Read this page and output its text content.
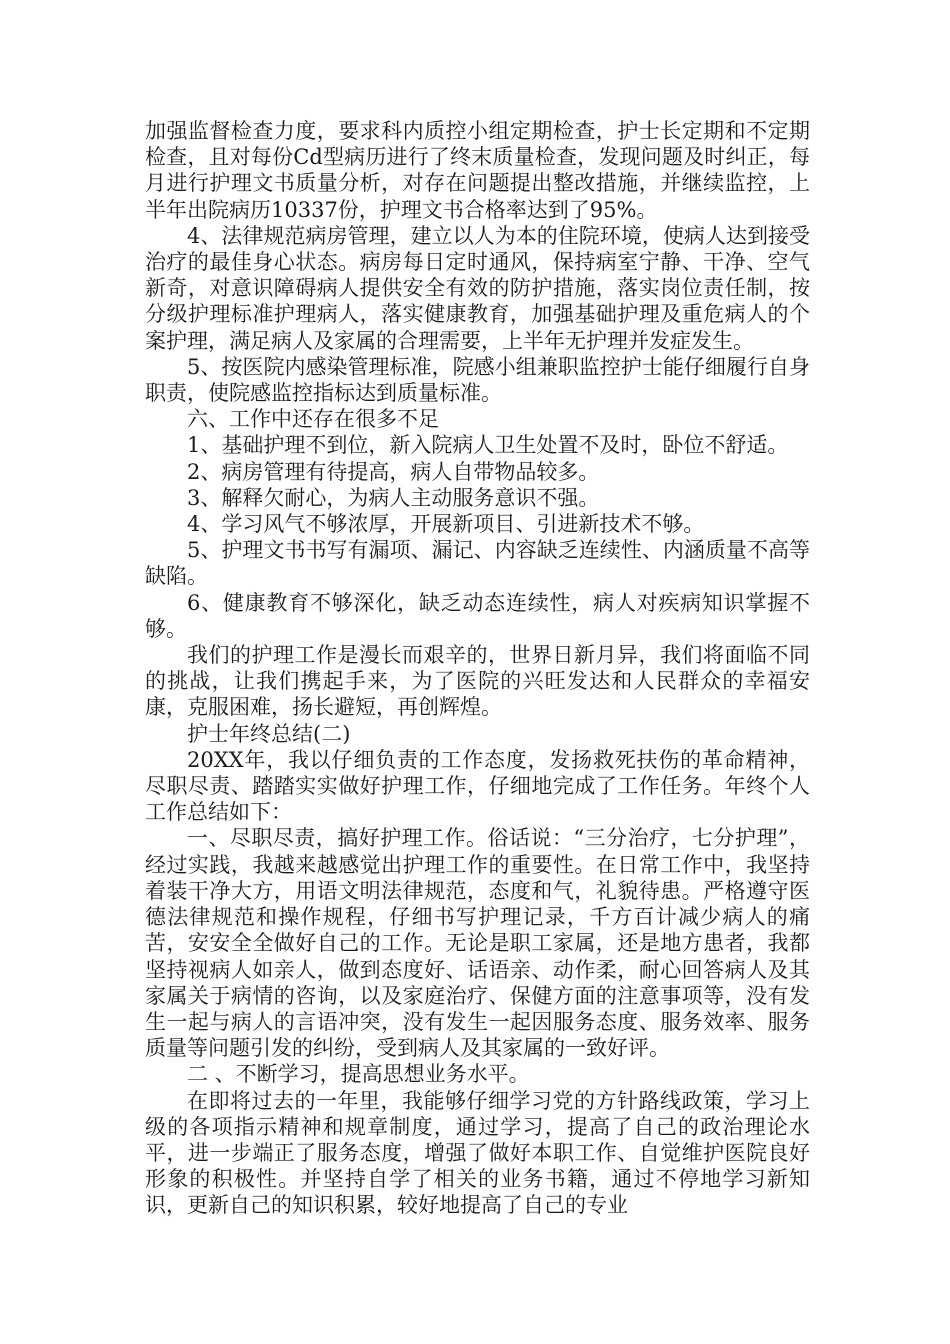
加强监督检查力度，要求科内质控小组定期检查，护士长定期和不定期检查，且对每份Cd型病历进行了终末质量检查，发现问题及时纠正，每月进行护理文书质量分析，对存在问题提出整改措施，并继续监控，上半年出院病历10337份，护理文书合格率达到了95%。

4、法律规范病房管理，建立以人为本的住院环境，使病人达到接受治疗的最佳身心状态。病房每日定时通风，保持病室宁静、干净、空气新奇，对意识障碍病人提供安全有效的防护措施，落实岗位责任制，按分级护理标准护理病人，落实健康教育，加强基础护理及重危病人的个案护理，满足病人及家属的合理需要，上半年无护理并发症发生。

5、按医院内感染管理标准，院感小组兼职监控护士能仔细履行自身职责，使院感监控指标达到质量标准。

六、工作中还存在很多不足

1、基础护理不到位，新入院病人卫生处置不及时，卧位不舒适。

2、病房管理有待提高，病人自带物品较多。

3、解释欠耐心，为病人主动服务意识不强。

4、学习风气不够浓厚，开展新项目、引进新技术不够。

5、护理文书书写有漏项、漏记、内容缺乏连续性、内涵质量不高等缺陷。

6、健康教育不够深化，缺乏动态连续性，病人对疾病知识掌握不够。

我们的护理工作是漫长而艰辛的，世界日新月异，我们将面临不同的挑战，让我们携起手来，为了医院的兴旺发达和人民群众的幸福安康，克服困难，扬长避短，再创辉煌。

护士年终总结(二)

20XX年，我以仔细负责的工作态度，发扬救死扶伤的革命精神，尽职尽责、踏踏实实做好护理工作，仔细地完成了工作任务。年终个人工作总结如下：

一、尽职尽责，搞好护理工作。俗话说：“三分治疗，七分护理”，经过实践，我越来越感觉出护理工作的重要性。在日常工作中，我坚持着装干净大方，用语文明法律规范，态度和气，礼貌待患。严格遵守医德法律规范和操作规程，仔细书写护理记录，千方百计减少病人的痛苦，安安全全做好自己的工作。无论是职工家属，还是地方患者，我都坚持视病人如亲人，做到态度好、话语亲、动作柔，耐心回答病人及其家属关于病情的咨询，以及家庭治疗、保健方面的注意事项等，没有发生一起与病人的言语冲突，没有发生一起因服务态度、服务效率、服务质量等问题引发的纠纷，受到病人及其家属的一致好评。

二 、不断学习，提高思想业务水平。

在即将过去的一年里，我能够仔细学习党的方针路线政策，学习上级的各项指示精神和规章制度，通过学习，提高了自己的政治理论水平，进一步端正了服务态度，增强了做好本职工作、自觉维护医院良好形象的积极性。并坚持自学了相关的业务书籍，通过不停地学习新知识，更新自己的知识积累，较好地提高了自己的专业
